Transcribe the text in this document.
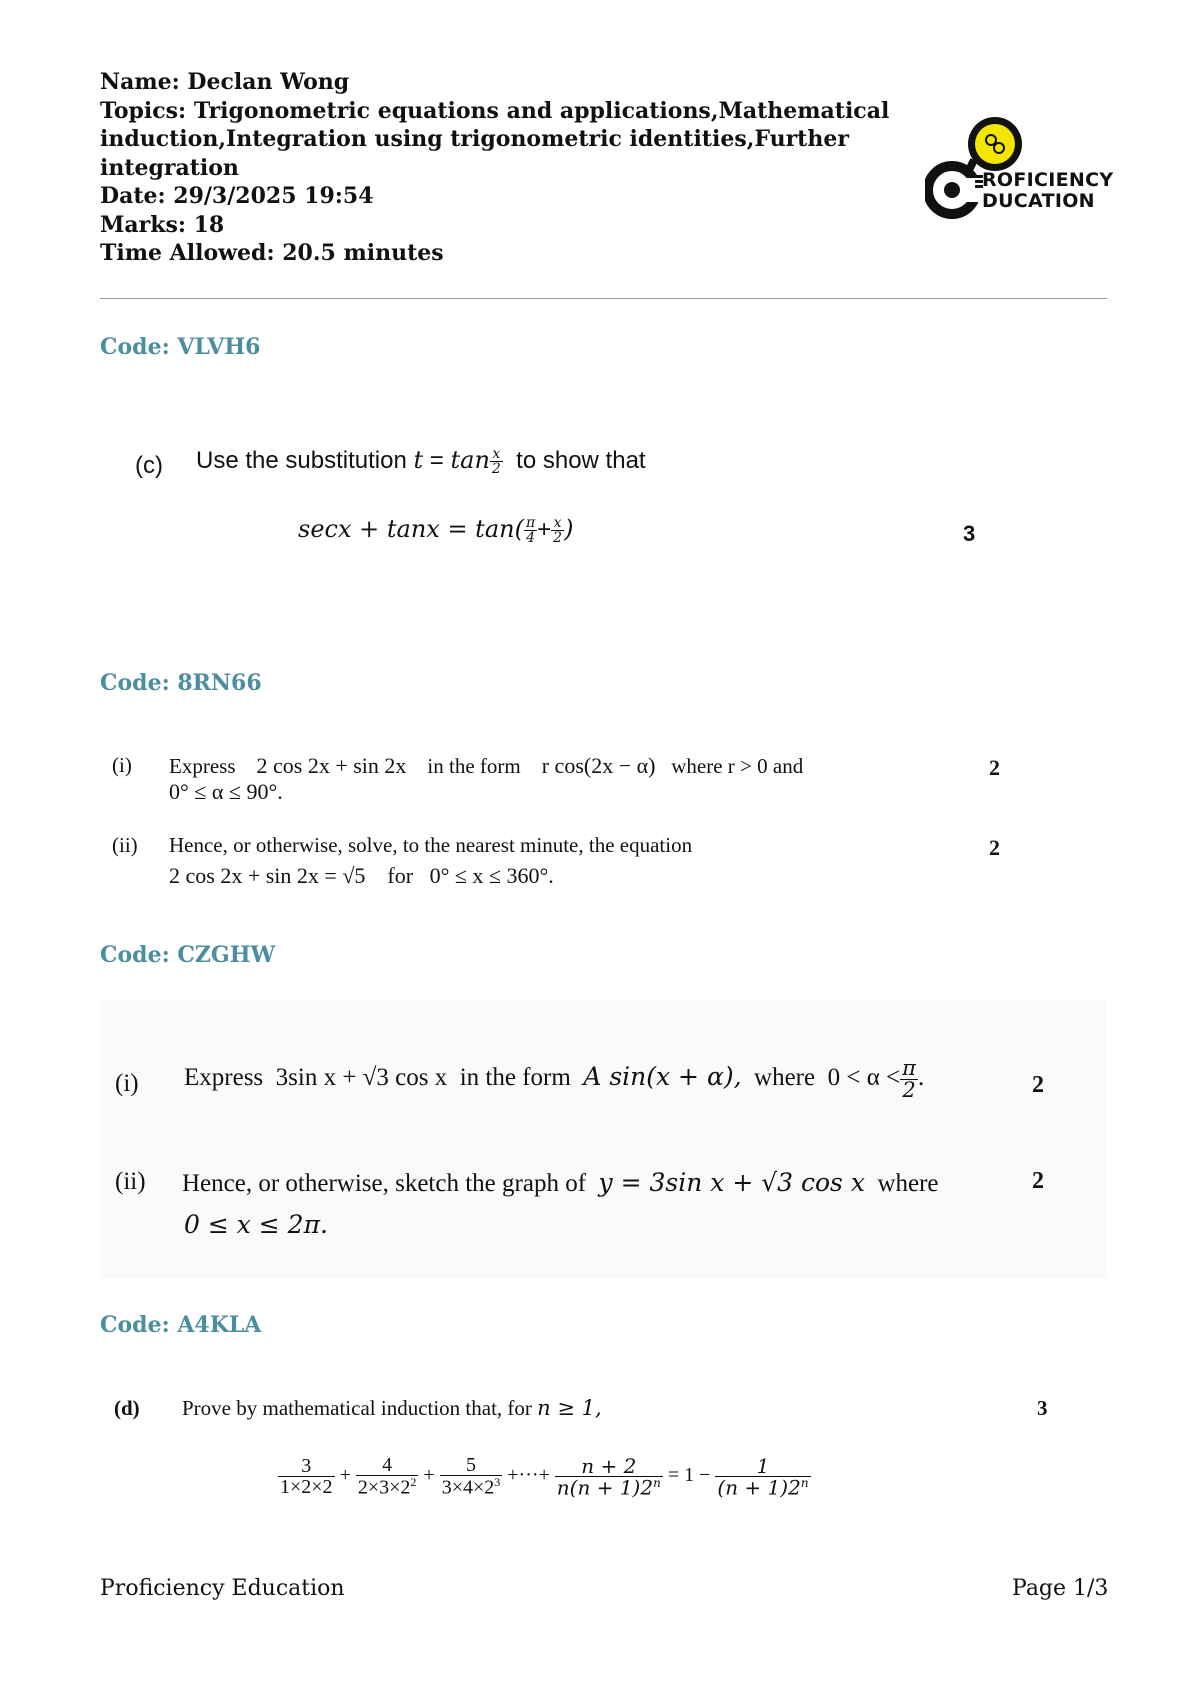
Name: Declan Wong
Topics: Trigonometric equations and applications,Mathematical
induction,Integration using trigonometric identities,Further
integration
Date: 29/3/2025 19:54
Marks: 18
Time Allowed: 20.5 minutes
ROFICIENCY
DUCATION
Code: VLVH6
(c) Use the substitution $t = \tan \frac{x}{2}$ to show that
$\sec x + \tan x = \tan( \frac{\pi}{4} + \frac{x}{2}$ )	3
Code: 8RN66
(i) Express 2 cos 2x + sin 2x in the form r cos(2x − α) where r > 0 and
0° ≤ α ≤ 90°.
2
(ii) Hence, or otherwise, solve, to the nearest minute, the equation
2 cos 2x + sin 2x = √5 for 0° ≤ x ≤ 360°.
2
Code: CZGHW
(i) Express 3sin x + √3 cos x in the form A sin(x + α), where $0 < \alpha < \frac{\pi}{2}$ .	2
(ii) Hence, or otherwise, sketch the graph of y = 3sin x + √3 cos x where
0 ≤ x ≤ 2π.
2
Code: A4KLA
(d) Prove by mathematical induction that, for n ≥ 1,	3
$\frac{3}{1\times 2\times 2} + \frac{4}{2\times 3\times 2^2} + \frac{5}{3\times 4\times 2^3}$ +···+ $\frac{n + 2}{n(n + 1)2^n} = 1 - \frac{1}{(n + 1)2^n}$
Proficiency Education	Page 1/3
